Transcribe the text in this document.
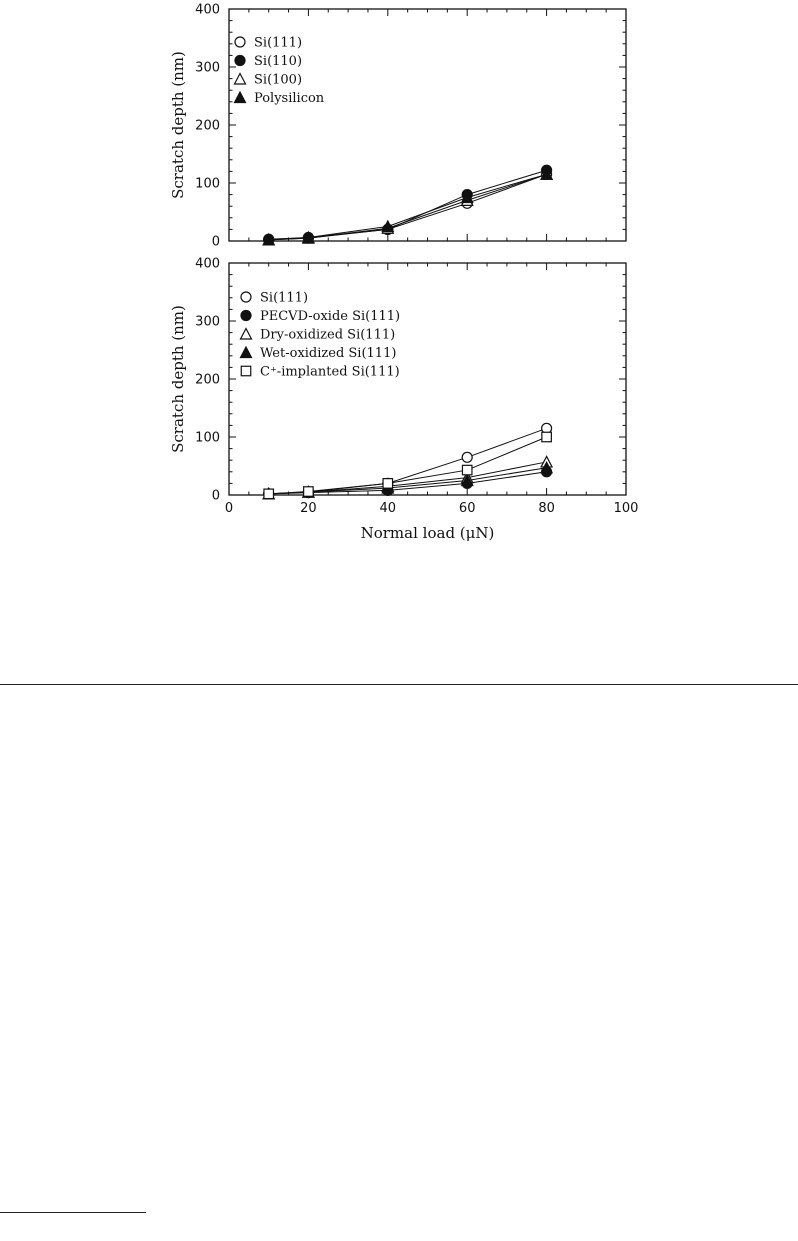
0
100
200
300
400
Scratch depth (nm)
Si(111)
Si(110)
Si(100)
Polysilicon
0
100
200
300
400
0	20	40	60	80	100
Scratch depth (nm)
Normal load (μN)
Si(111)
PECVD-oxide Si(111)
Dry-oxidized Si(111)
Wet-oxidized Si(111)
C⁺-implanted Si(111)
